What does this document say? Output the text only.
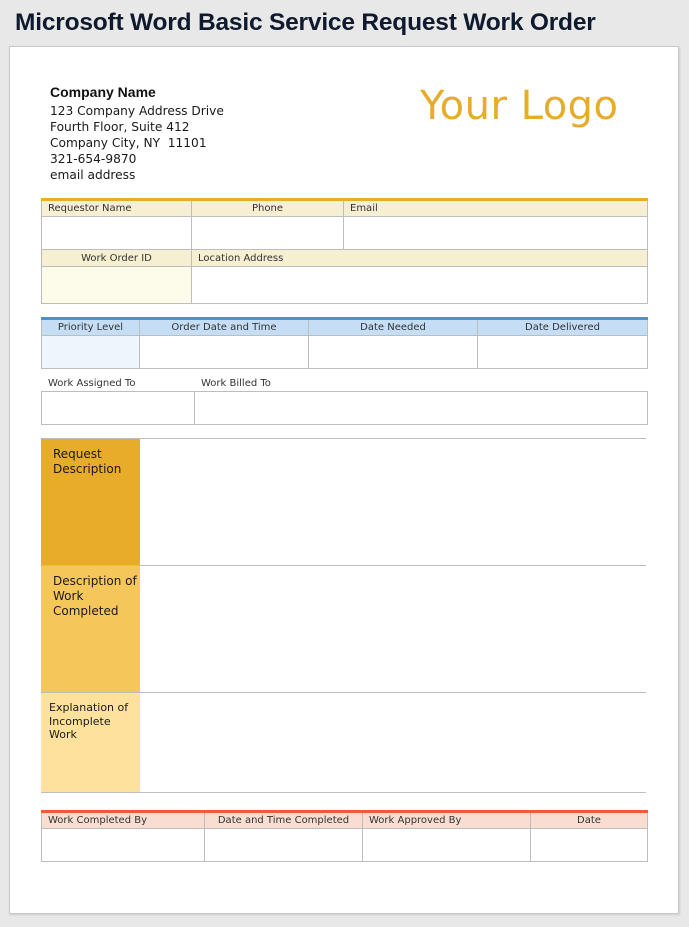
Microsoft Word Basic Service Request Work Order
Company Name
123 Company Address Drive
Fourth Floor, Suite 412
Company City, NY  11101
321-654-9870
email address
Your Logo
Requestor Name	Phone	Email

Work Order ID	Location Address	

Priority Level	Order Date and Time	Date Needed	Date Delivered

Work Assigned To	Work Billed To

Request Description
Description of Work Completed
Explanation of Incomplete Work
Work Completed By	Date and Time Completed	Work Approved By	Date
